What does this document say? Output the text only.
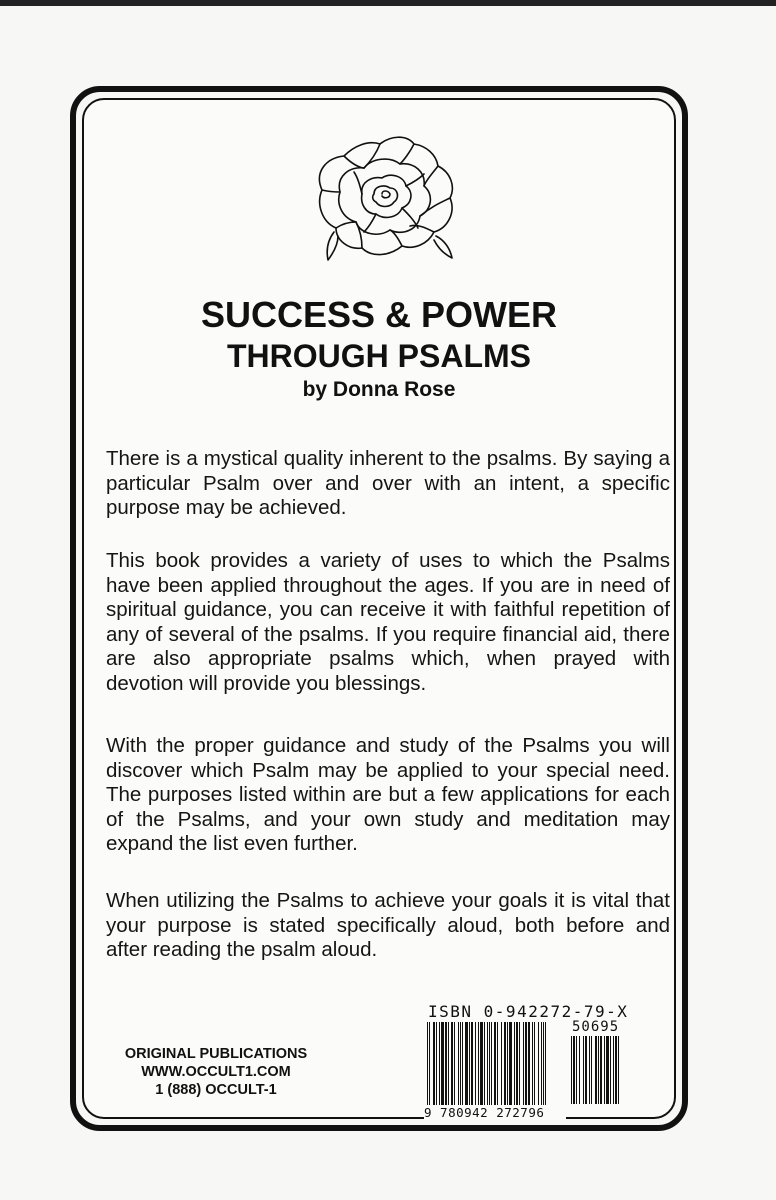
SUCCESS & POWER
THROUGH PSALMS

by Donna Rose

There is a mystical quality inherent to the psalms. By saying a particular Psalm over and over with an intent, a specific purpose may be achieved.

This book provides a variety of uses to which the Psalms have been applied throughout the ages. If you are in need of spiritual guidance, you can receive it with faithful repetition of any of several of the psalms. If you require financial aid, there are also appropriate psalms which, when prayed with devotion will provide you blessings.

With the proper guidance and study of the Psalms you will discover which Psalm may be applied to your special need. The purposes listed within are but a few applications for each of the Psalms, and your own study and meditation may expand the list even further.

When utilizing the Psalms to achieve your goals it is vital that your purpose is stated specifically aloud, both before and after reading the psalm aloud.

ORIGINAL PUBLICATIONS
WWW.OCCULT1.COM
1 (888) OCCULT-1
ISBN 0-942272-79-X
50695
9 780942 272796
